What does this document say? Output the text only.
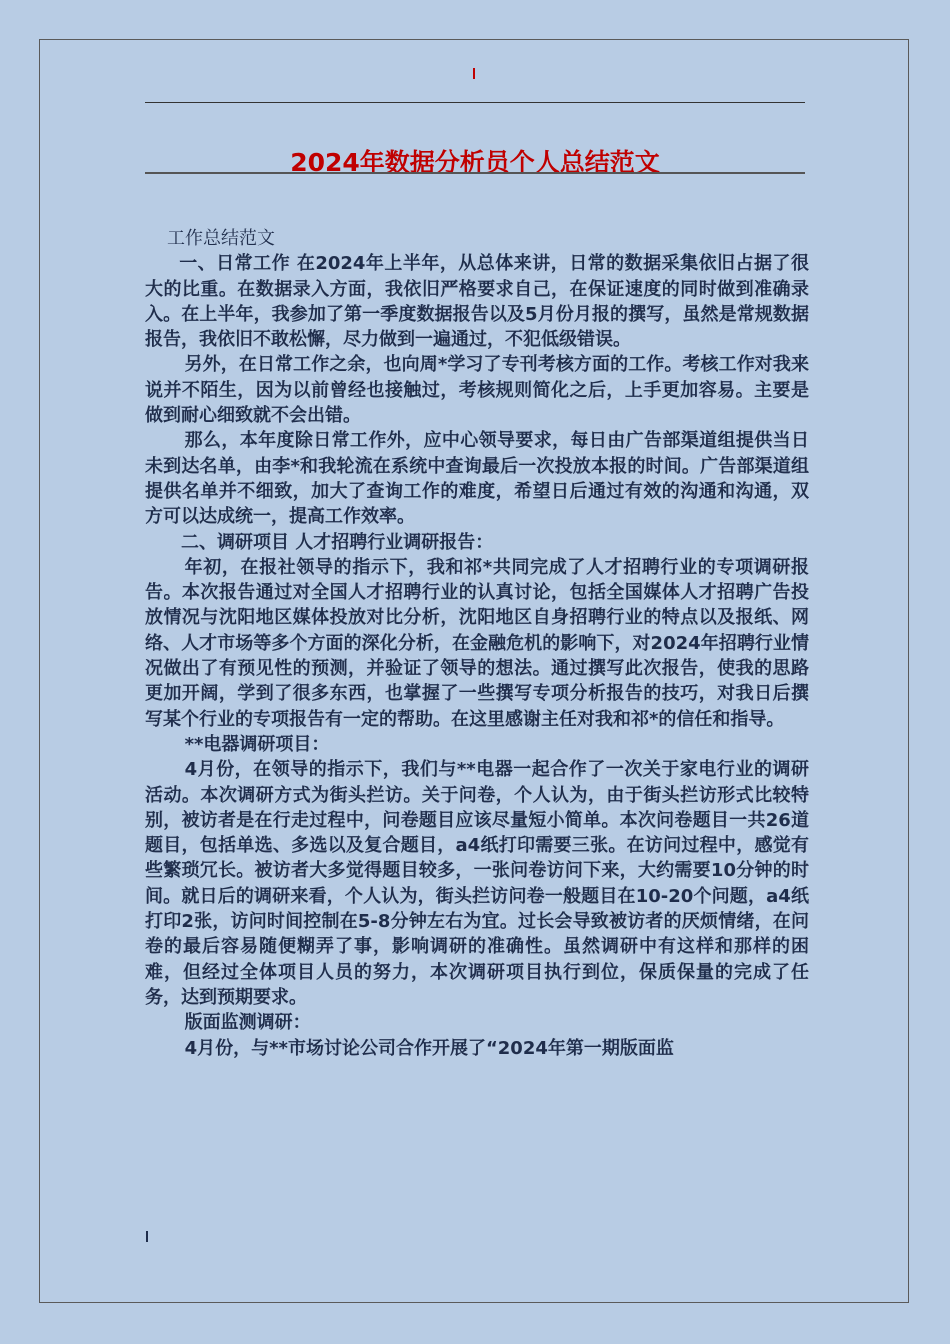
2024年数据分析员个人总结范文

工作总结范文

一、日常工作 在2024年上半年，从总体来讲，日常的数据采集依旧占据了很大的比重。在数据录入方面，我依旧严格要求自己，在保证速度的同时做到准确录入。在上半年，我参加了第一季度数据报告以及5月份月报的撰写，虽然是常规数据报告，我依旧不敢松懈，尽力做到一遍通过，不犯低级错误。

另外，在日常工作之余，也向周*学习了专刊考核方面的工作。考核工作对我来说并不陌生，因为以前曾经也接触过，考核规则简化之后，上手更加容易。主要是做到耐心细致就不会出错。

那么，本年度除日常工作外，应中心领导要求，每日由广告部渠道组提供当日未到达名单，由李*和我轮流在系统中查询最后一次投放本报的时间。广告部渠道组提供名单并不细致，加大了查询工作的难度，希望日后通过有效的沟通和沟通，双方可以达成统一，提高工作效率。

二、调研项目 人才招聘行业调研报告：

年初，在报社领导的指示下，我和祁*共同完成了人才招聘行业的专项调研报告。本次报告通过对全国人才招聘行业的认真讨论，包括全国媒体人才招聘广告投放情况与沈阳地区媒体投放对比分析，沈阳地区自身招聘行业的特点以及报纸、网络、人才市场等多个方面的深化分析，在金融危机的影响下，对2024年招聘行业情况做出了有预见性的预测，并验证了领导的想法。通过撰写此次报告，使我的思路更加开阔，学到了很多东西，也掌握了一些撰写专项分析报告的技巧，对我日后撰写某个行业的专项报告有一定的帮助。在这里感谢主任对我和祁*的信任和指导。

**电器调研项目：

4月份，在领导的指示下，我们与**电器一起合作了一次关于家电行业的调研活动。本次调研方式为街头拦访。关于问卷，个人认为，由于街头拦访形式比较特别，被访者是在行走过程中，问卷题目应该尽量短小简单。本次问卷题目一共26道题目，包括单选、多选以及复合题目，a4纸打印需要三张。在访问过程中，感觉有些繁琐冗长。被访者大多觉得题目较多，一张问卷访问下来，大约需要10分钟的时间。就日后的调研来看，个人认为，街头拦访问卷一般题目在10-20个问题，a4纸打印2张，访问时间控制在5-8分钟左右为宜。过长会导致被访者的厌烦情绪，在问卷的最后容易随便糊弄了事，影响调研的准确性。虽然调研中有这样和那样的困难，但经过全体项目人员的努力，本次调研项目执行到位，保质保量的完成了任务，达到预期要求。

版面监测调研：

4月份，与**市场讨论公司合作开展了“2024年第一期版面监
